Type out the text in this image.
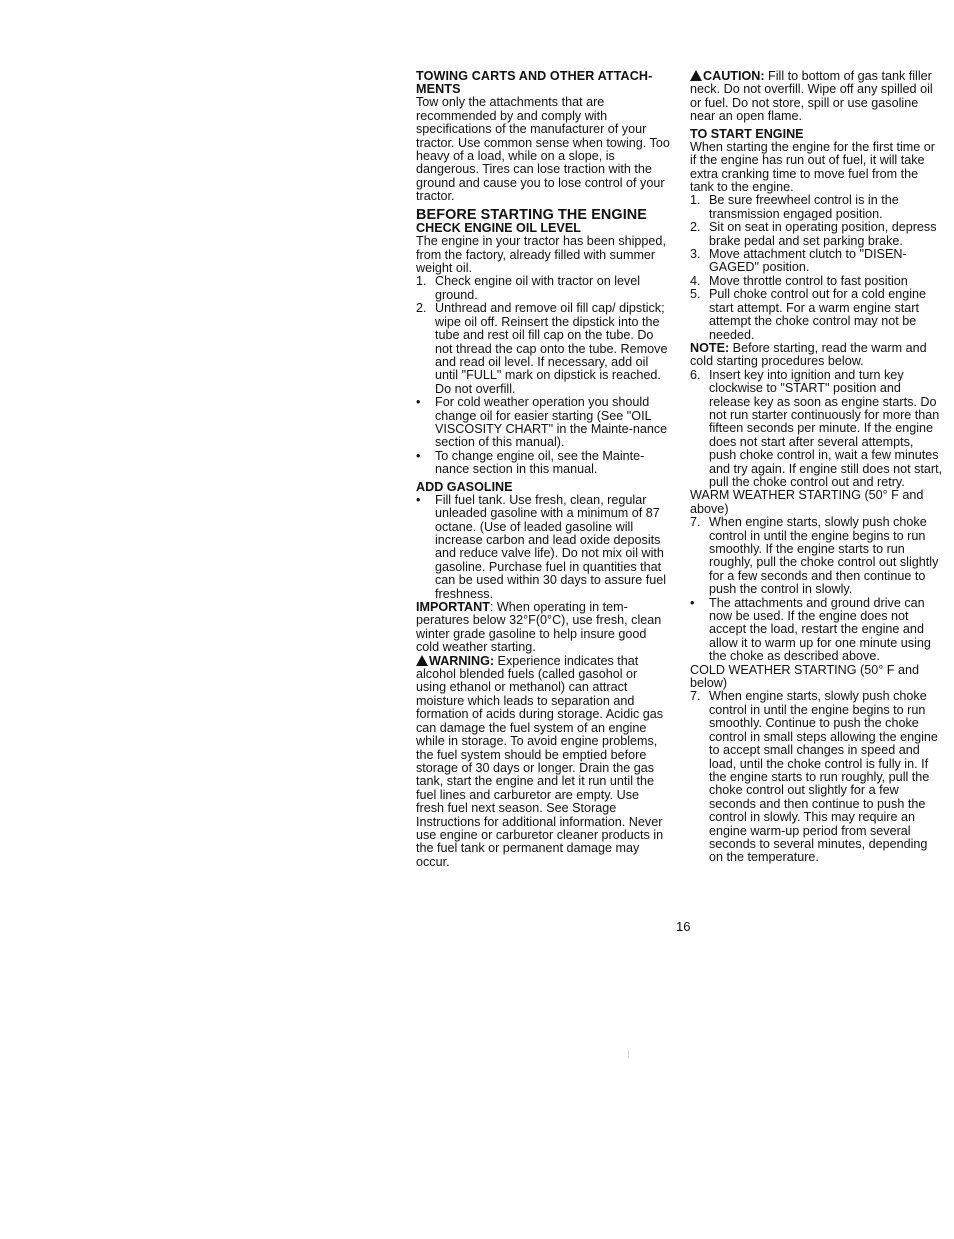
TOWING CARTS AND OTHER ATTACH-MENTS

Tow only the attachments that are recommended by and comply with specifications of the manufacturer of your tractor. Use common sense when towing. Too heavy of a load, while on a slope, is dangerous. Tires can lose traction with the ground and cause you to lose control of your tractor.

BEFORE STARTING THE ENGINE
CHECK ENGINE OIL LEVEL

The engine in your tractor has been shipped, from the factory, already filled with summer weight oil.

1. Check engine oil with tractor on level ground.

2. Unthread and remove oil fill cap/ dipstick; wipe oil off. Reinsert the dipstick into the tube and rest oil fill cap on the tube. Do not thread the cap onto the tube. Remove and read oil level. If necessary, add oil until "FULL" mark on dipstick is reached. Do not overfill.

• For cold weather operation you should change oil for easier starting (See "OIL VISCOSITY CHART" in the Mainte-nance section of this manual).

• To change engine oil, see the Mainte-nance section in this manual.

ADD GASOLINE

• Fill fuel tank. Use fresh, clean, regular unleaded gasoline with a minimum of 87 octane. (Use of leaded gasoline will increase carbon and lead oxide deposits and reduce valve life). Do not mix oil with gasoline. Purchase fuel in quantities that can be used within 30 days to assure fuel freshness.

IMPORTANT: When operating in tem-peratures below 32°F(0°C), use fresh, clean winter grade gasoline to help insure good cold weather starting.

WARNING: Experience indicates that alcohol blended fuels (called gasohol or using ethanol or methanol) can attract moisture which leads to separation and formation of acids during storage. Acidic gas can damage the fuel system of an engine while in storage. To avoid engine problems, the fuel system should be emptied before storage of 30 days or longer. Drain the gas tank, start the engine and let it run until the fuel lines and carburetor are empty. Use fresh fuel next season. See Storage Instructions for additional information. Never use engine or carburetor cleaner products in the fuel tank or permanent damage may occur.

CAUTION: Fill to bottom of gas tank filler neck. Do not overfill. Wipe off any spilled oil or fuel. Do not store, spill or use gasoline near an open flame.

TO START ENGINE

When starting the engine for the first time or if the engine has run out of fuel, it will take extra cranking time to move fuel from the tank to the engine.

1. Be sure freewheel control is in the transmission engaged position.

2. Sit on seat in operating position, depress brake pedal and set parking brake.

3. Move attachment clutch to "DISEN-GAGED" position.

4. Move throttle control to fast position

5. Pull choke control out for a cold engine start attempt. For a warm engine start attempt the choke control may not be needed.

NOTE: Before starting, read the warm and cold starting procedures below.

6. Insert key into ignition and turn key clockwise to "START" position and release key as soon as engine starts. Do not run starter continuously for more than fifteen seconds per minute. If the engine does not start after several attempts, push choke control in, wait a few minutes and try again. If engine still does not start, pull the choke control out and retry.

WARM WEATHER STARTING (50° F and above)

7. When engine starts, slowly push choke control in until the engine begins to run smoothly. If the engine starts to run roughly, pull the choke control out slightly for a few seconds and then continue to push the control in slowly.

• The attachments and ground drive can now be used. If the engine does not accept the load, restart the engine and allow it to warm up for one minute using the choke as described above.

COLD WEATHER STARTING (50° F and below)

7. When engine starts, slowly push choke control in until the engine begins to run smoothly. Continue to push the choke control in small steps allowing the engine to accept small changes in speed and load, until the choke control is fully in. If the engine starts to run roughly, pull the choke control out slightly for a few seconds and then continue to push the control in slowly. This may require an engine warm-up period from several seconds to several minutes, depending on the temperature.

16
